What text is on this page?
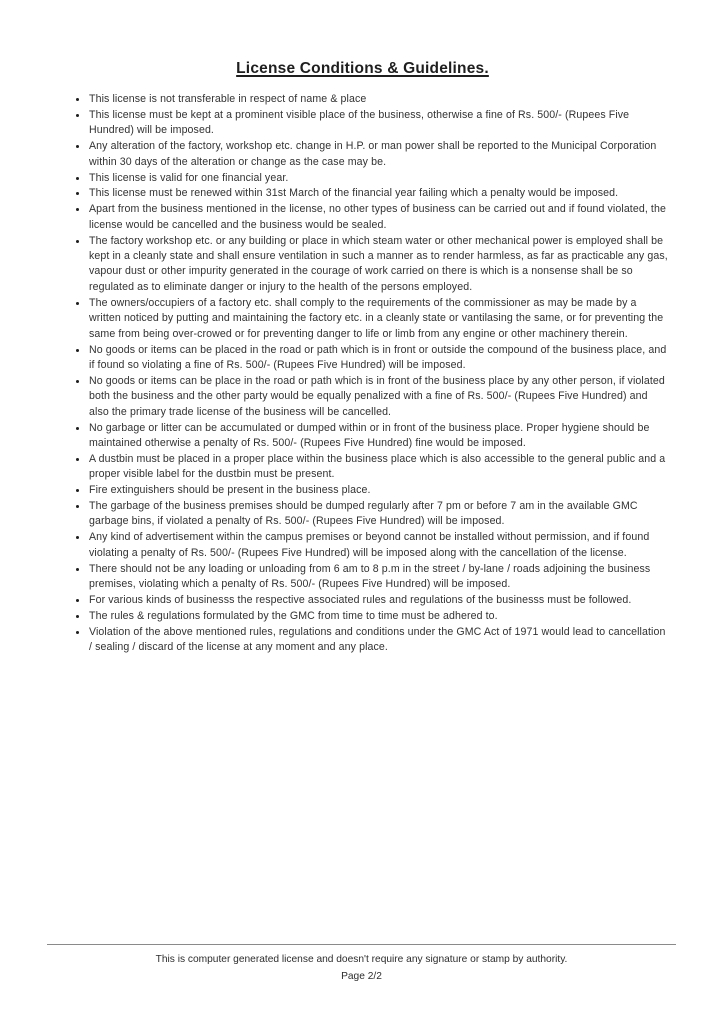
License Conditions & Guidelines.
• This license is not transferable in respect of name & place
• This license must be kept at a prominent visible place of the business, otherwise a fine of Rs. 500/- (Rupees Five Hundred) will be imposed.
• Any alteration of the factory, workshop etc. change in H.P. or man power shall be reported to the Municipal Corporation within 30 days of the alteration or change as the case may be.
• This license is valid for one financial year.
• This license must be renewed within 31st March of the financial year failing which a penalty would be imposed.
• Apart from the business mentioned in the license, no other types of business can be carried out and if found violated, the license would be cancelled and the business would be sealed.
• The factory workshop etc. or any building or place in which steam water or other mechanical power is employed shall be kept in a cleanly state and shall ensure ventilation in such a manner as to render harmless, as far as practicable any gas, vapour dust or other impurity generated in the courage of work carried on there is which is a nonsense shall be so regulated as to eliminate danger or injury to the health of the persons employed.
• The owners/occupiers of a factory etc. shall comply to the requirements of the commissioner as may be made by a written noticed by putting and maintaining the factory etc. in a cleanly state or vantilasing the same, or for preventing the same from being over-crowed or for preventing danger to life or limb from any engine or other machinery therein.
• No goods or items can be placed in the road or path which is in front or outside the compound of the business place, and if found so violating a fine of Rs. 500/- (Rupees Five Hundred) will be imposed.
• No goods or items can be place in the road or path which is in front of the business place by any other person, if violated both the business and the other party would be equally penalized with a fine of Rs. 500/- (Rupees Five Hundred) and also the primary trade license of the business will be cancelled.
• No garbage or litter can be accumulated or dumped within or in front of the business place. Proper hygiene should be maintained otherwise a penalty of Rs. 500/- (Rupees Five Hundred) fine would be imposed.
• A dustbin must be placed in a proper place within the business place which is also accessible to the general public and a proper visible label for the dustbin must be present.
• Fire extinguishers should be present in the business place.
• The garbage of the business premises should be dumped regularly after 7 pm or before 7 am in the available GMC garbage bins, if violated a penalty of Rs. 500/- (Rupees Five Hundred) will be imposed.
• Any kind of advertisement within the campus premises or beyond cannot be installed without permission, and if found violating a penalty of Rs. 500/- (Rupees Five Hundred) will be imposed along with the cancellation of the license.
• There should not be any loading or unloading from 6 am to 8 p.m in the street / by-lane / roads adjoining the business premises, violating which a penalty of Rs. 500/- (Rupees Five Hundred) will be imposed.
• For various kinds of businesss the respective associated rules and regulations of the businesss must be followed.
• The rules & regulations formulated by the GMC from time to time must be adhered to.
• Violation of the above mentioned rules, regulations and conditions under the GMC Act of 1971 would lead to cancellation / sealing / discard of the license at any moment and any place.

This is computer generated license and doesn't require any signature or stamp by authority.

Page 2/2
